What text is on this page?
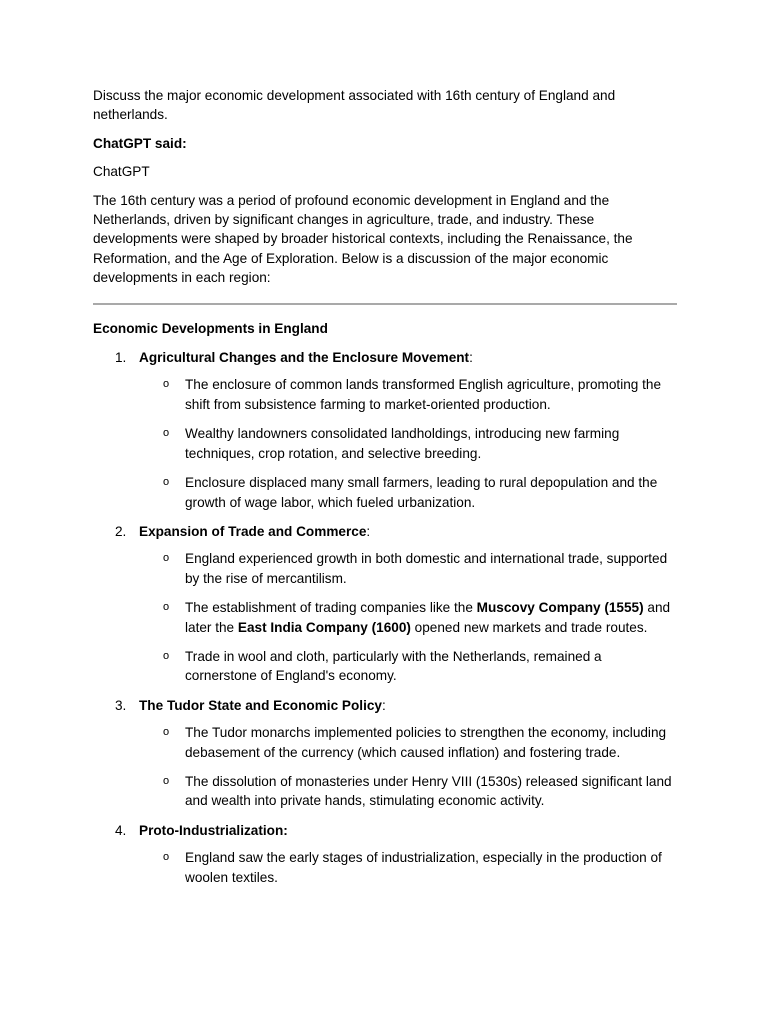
Discuss the major economic development associated with 16th century of England and netherlands.

ChatGPT said:

ChatGPT

The 16th century was a period of profound economic development in England and the Netherlands, driven by significant changes in agriculture, trade, and industry. These developments were shaped by broader historical contexts, including the Renaissance, the Reformation, and the Age of Exploration. Below is a discussion of the major economic developments in each region:

Economic Developments in England

1. Agricultural Changes and the Enclosure Movement:
o The enclosure of common lands transformed English agriculture, promoting the shift from subsistence farming to market-oriented production.
o Wealthy landowners consolidated landholdings, introducing new farming techniques, crop rotation, and selective breeding.
o Enclosure displaced many small farmers, leading to rural depopulation and the growth of wage labor, which fueled urbanization.
2. Expansion of Trade and Commerce:
o England experienced growth in both domestic and international trade, supported by the rise of mercantilism.
o The establishment of trading companies like the Muscovy Company (1555) and later the East India Company (1600) opened new markets and trade routes.
o Trade in wool and cloth, particularly with the Netherlands, remained a cornerstone of England's economy.
3. The Tudor State and Economic Policy:
o The Tudor monarchs implemented policies to strengthen the economy, including debasement of the currency (which caused inflation) and fostering trade.
o The dissolution of monasteries under Henry VIII (1530s) released significant land and wealth into private hands, stimulating economic activity.
4. Proto-Industrialization:
o England saw the early stages of industrialization, especially in the production of woolen textiles.
